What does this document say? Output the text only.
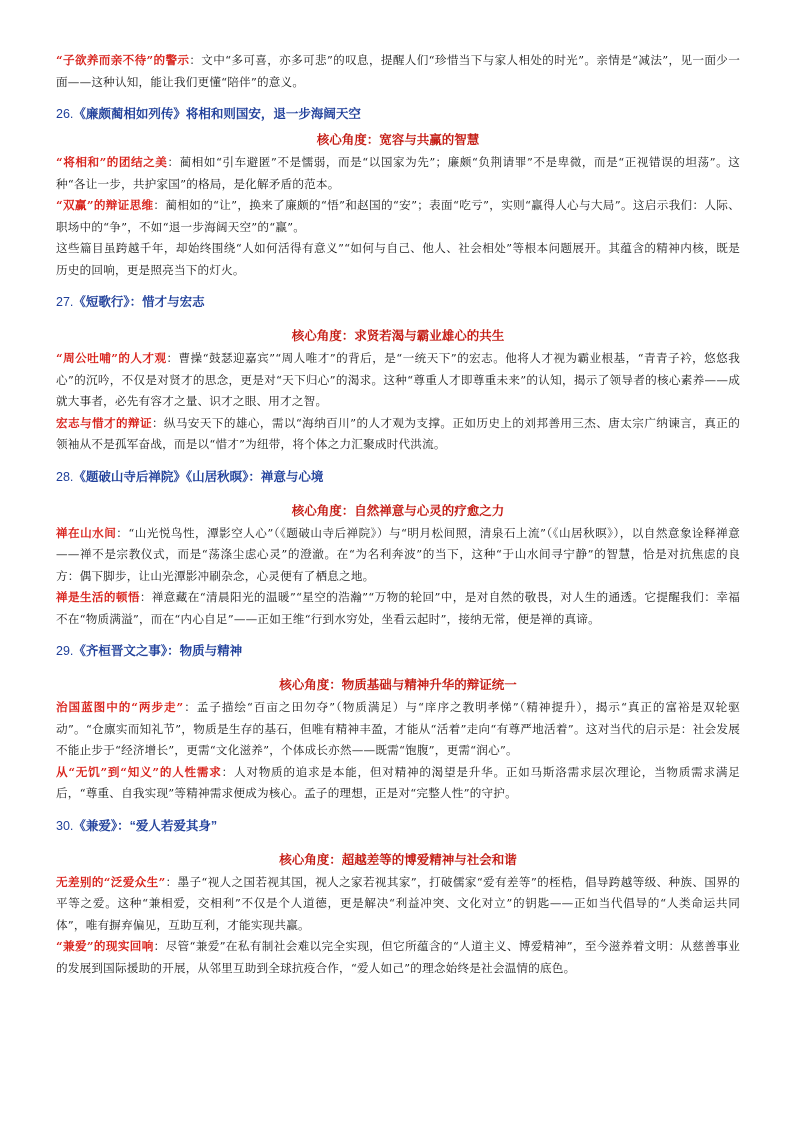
“子欲养而亲不待”的警示：文中“多可喜，亦多可悲”的叹息，提醒人们“珍惜当下与家人相处的时光”。亲情是“减法”，见一面少一面——这种认知，能让我们更懂“陪伴”的意义。

26.《廉颇蔺相如列传》将相和则国安，退一步海阔天空
核心角度：宽容与共赢的智慧

“将相和”的团结之美：蔺相如“引车避匿”不是懦弱，而是“以国家为先”；廉颇“负荆请罪”不是卑微，而是“正视错误的坦荡”。这种“各让一步，共护家国”的格局，是化解矛盾的范本。

“双赢”的辩证思维：蔺相如的“让”，换来了廉颇的“悟”和赵国的“安”；表面“吃亏”，实则“赢得人心与大局”。这启示我们：人际、职场中的“争”，不如“退一步海阔天空”的“赢”。

这些篇目虽跨越千年，却始终围绕“人如何活得有意义”“如何与自己、他人、社会相处”等根本问题展开。其蕴含的精神内核，既是历史的回响，更是照亮当下的灯火。

27.《短歌行》：惜才与宏志
核心角度：求贤若渴与霸业雄心的共生

“周公吐哺”的人才观：曹操“鼓瑟迎嘉宾”“周人唯才”的背后，是“一统天下”的宏志。他将人才视为霸业根基，“青青子衿，悠悠我心”的沉吟，不仅是对贤才的思念，更是对“天下归心”的渴求。这种“尊重人才即尊重未来”的认知，揭示了领导者的核心素养——成就大事者，必先有容才之量、识才之眼、用才之智。

宏志与惜才的辩证：纵马安天下的雄心，需以“海纳百川”的人才观为支撑。正如历史上的刘邦善用三杰、唐太宗广纳谏言，真正的领袖从不是孤军奋战，而是以“惜才”为纽带，将个体之力汇聚成时代洪流。

28.《题破山寺后禅院》《山居秋暝》：禅意与心境
核心角度：自然禅意与心灵的疗愈之力

禅在山水间：“山光悦鸟性，潭影空人心”（《题破山寺后禅院》）与“明月松间照，清泉石上流”（《山居秋暝》），以自然意象诠释禅意——禅不是宗教仪式，而是“荡涤尘虑心灵”的澄澈。在“为名利奔波”的当下，这种“于山水间寻宁静”的智慧，恰是对抗焦虑的良方：偶下脚步，让山光潭影冲刷杂念，心灵便有了栖息之地。

禅是生活的顿悟：禅意藏在“清晨阳光的温暖”“星空的浩瀚”“万物的轮回”中，是对自然的敬畏，对人生的通透。它提醒我们：幸福不在“物质满溢”，而在“内心自足”——正如王维“行到水穷处，坐看云起时”，接纳无常，便是禅的真谛。

29.《齐桓晋文之事》：物质与精神
核心角度：物质基础与精神升华的辩证统一

治国蓝图中的“两步走”：孟子描绘“百亩之田勿夺”（物质满足）与“庠序之教明孝悌”（精神提升），揭示“真正的富裕是双轮驱动”。“仓廪实而知礼节”，物质是生存的基石，但唯有精神丰盈，才能从“活着”走向“有尊严地活着”。这对当代的启示是：社会发展不能止步于“经济增长”，更需“文化滋养”，个体成长亦然——既需“饱腹”，更需“润心”。

从“无饥”到“知义”的人性需求：人对物质的追求是本能，但对精神的渴望是升华。正如马斯洛需求层次理论，当物质需求满足后，“尊重、自我实现”等精神需求便成为核心。孟子的理想，正是对“完整人性”的守护。

30.《兼爱》：“爱人若爱其身”
核心角度：超越差等的博爱精神与社会和谐

无差别的“泛爱众生”：墨子“视人之国若视其国，视人之家若视其家”，打破儒家“爱有差等”的桎梏，倡导跨越等级、种族、国界的平等之爱。这种“兼相爱，交相利”不仅是个人道德，更是解决“利益冲突、文化对立”的钥匙——正如当代倡导的“人类命运共同体”，唯有摒弃偏见，互助互利，才能实现共赢。

“兼爱”的现实回响：尽管“兼爱”在私有制社会难以完全实现，但它所蕴含的“人道主义、博爱精神”，至今滋养着文明：从慈善事业的发展到国际援助的开展，从邻里互助到全球抗疫合作，“爱人如己”的理念始终是社会温情的底色。
